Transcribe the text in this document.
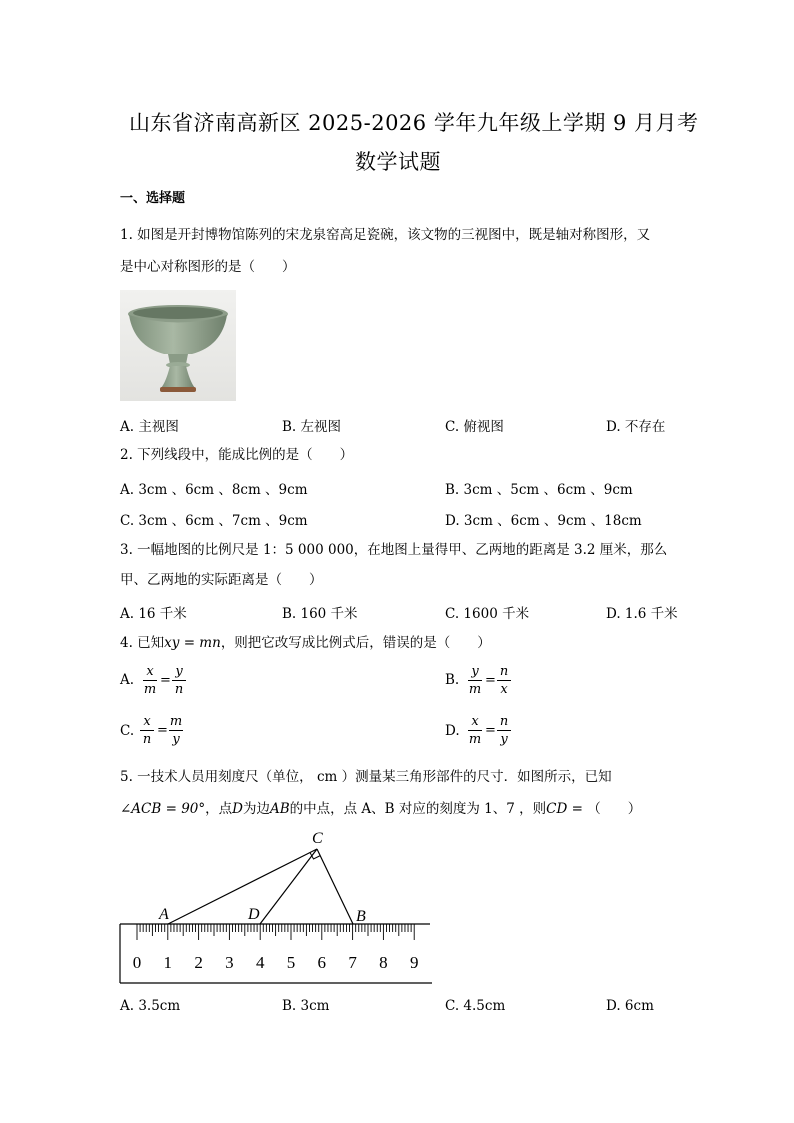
山东省济南高新区 2025-2026 学年九年级上学期 9 月月考
数学试题
一、选择题
1. 如图是开封博物馆陈列的宋龙泉窑高足瓷碗，该文物的三视图中，既是轴对称图形，又
是中心对称图形的是（　　）
A. 主视图	B. 左视图	C. 俯视图	D. 不存在
2. 下列线段中，能成比例的是（　　）
A. 3cm 、6cm 、8cm 、9cm	B. 3cm 、5cm 、6cm 、9cm
C. 3cm 、6cm 、7cm 、9cm	D. 3cm 、6cm 、9cm 、18cm
3. 一幅地图的比例尺是 1：5 000 000，在地图上量得甲、乙两地的距离是 3.2 厘米，那么
甲、乙两地的实际距离是（　　）
A. 16 千米	B. 160 千米	C. 1600 千米	D. 1.6 千米
4. 已知xy = mn，则把它改写成比例式后，错误的是（　　）
A.
x
m
=
y
n
B.
y
m
=
n
x
C.
x
n
=
m
y
D.
x
m
=
n
y
5. 一技术人员用刻度尺（单位， cm ）测量某三角形部件的尺寸．如图所示，已知
∠ACB = 90°，点D为边AB的中点，点 A、B 对应的刻度为 1、7 ，则CD = （　　）
0 1 2 3 4 5 6 7 8 9
C
A	D	B
A. 3.5cm	B. 3cm	C. 4.5cm	D. 6cm
